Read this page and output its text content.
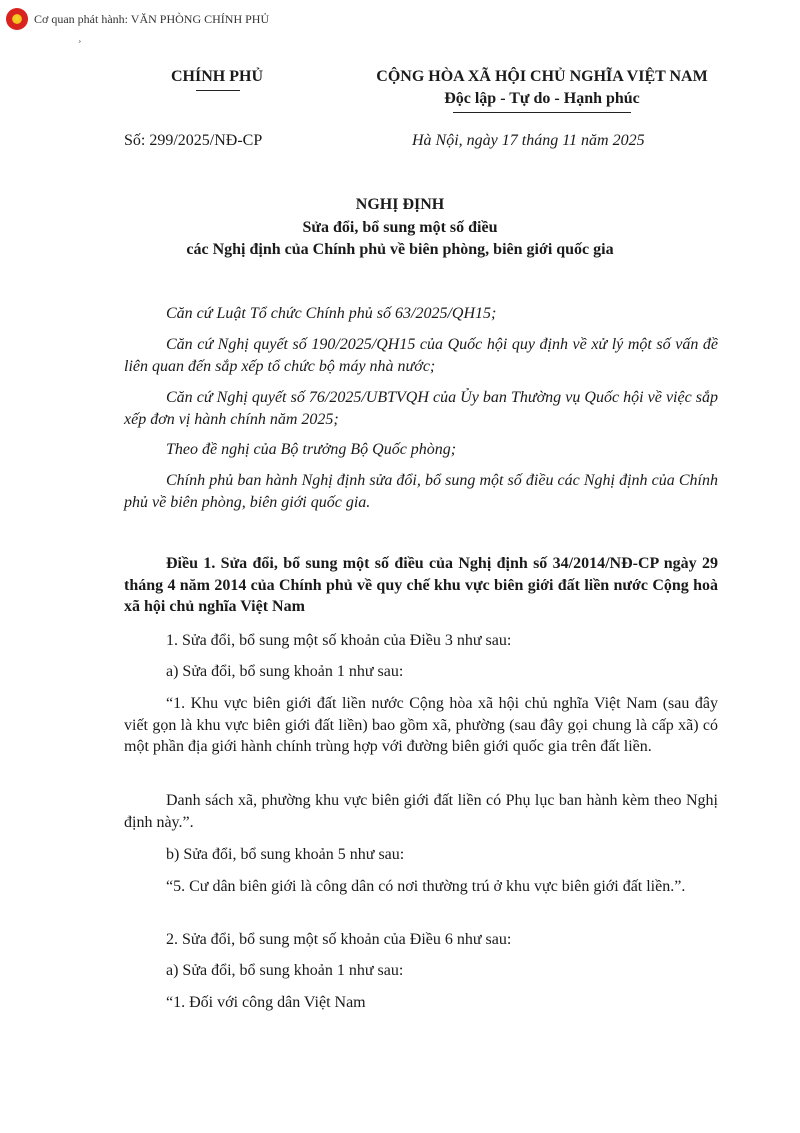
★
Cơ quan phát hành: VĂN PHÒNG CHÍNH PHỦ
¸
CHÍNH PHỦ	CỘNG HÒA XÃ HỘI CHỦ NGHĨA VIỆT NAM
Độc lập - Tự do - Hạnh phúc
Số: 299/2025/NĐ-CP	Hà Nội, ngày 17 tháng 11 năm 2025
NGHỊ ĐỊNH
Sửa đổi, bổ sung một số điều
các Nghị định của Chính phủ về biên phòng, biên giới quốc gia

Căn cứ Luật Tổ chức Chính phủ số 63/2025/QH15;

Căn cứ Nghị quyết số 190/2025/QH15 của Quốc hội quy định về xử lý một số vấn đề liên quan đến sắp xếp tổ chức bộ máy nhà nước;

Căn cứ Nghị quyết số 76/2025/UBTVQH của Ủy ban Thường vụ Quốc hội về việc sắp xếp đơn vị hành chính năm 2025;

Theo đề nghị của Bộ trưởng Bộ Quốc phòng;

Chính phủ ban hành Nghị định sửa đổi, bổ sung một số điều các Nghị định của Chính phủ về biên phòng, biên giới quốc gia.

Điều 1. Sửa đổi, bổ sung một số điều của Nghị định số 34/2014/NĐ-CP ngày 29 tháng 4 năm 2014 của Chính phủ về quy chế khu vực biên giới đất liền nước Cộng hoà xã hội chủ nghĩa Việt Nam

1. Sửa đổi, bổ sung một số khoản của Điều 3 như sau:

a) Sửa đổi, bổ sung khoản 1 như sau:

“1. Khu vực biên giới đất liền nước Cộng hòa xã hội chủ nghĩa Việt Nam (sau đây viết gọn là khu vực biên giới đất liền) bao gồm xã, phường (sau đây gọi chung là cấp xã) có một phần địa giới hành chính trùng hợp với đường biên giới quốc gia trên đất liền.

Danh sách xã, phường khu vực biên giới đất liền có Phụ lục ban hành kèm theo Nghị định này.”.

b) Sửa đổi, bổ sung khoản 5 như sau:

“5. Cư dân biên giới là công dân có nơi thường trú ở khu vực biên giới đất liền.”.

2. Sửa đổi, bổ sung một số khoản của Điều 6 như sau:

a) Sửa đổi, bổ sung khoản 1 như sau:

“1. Đối với công dân Việt Nam
